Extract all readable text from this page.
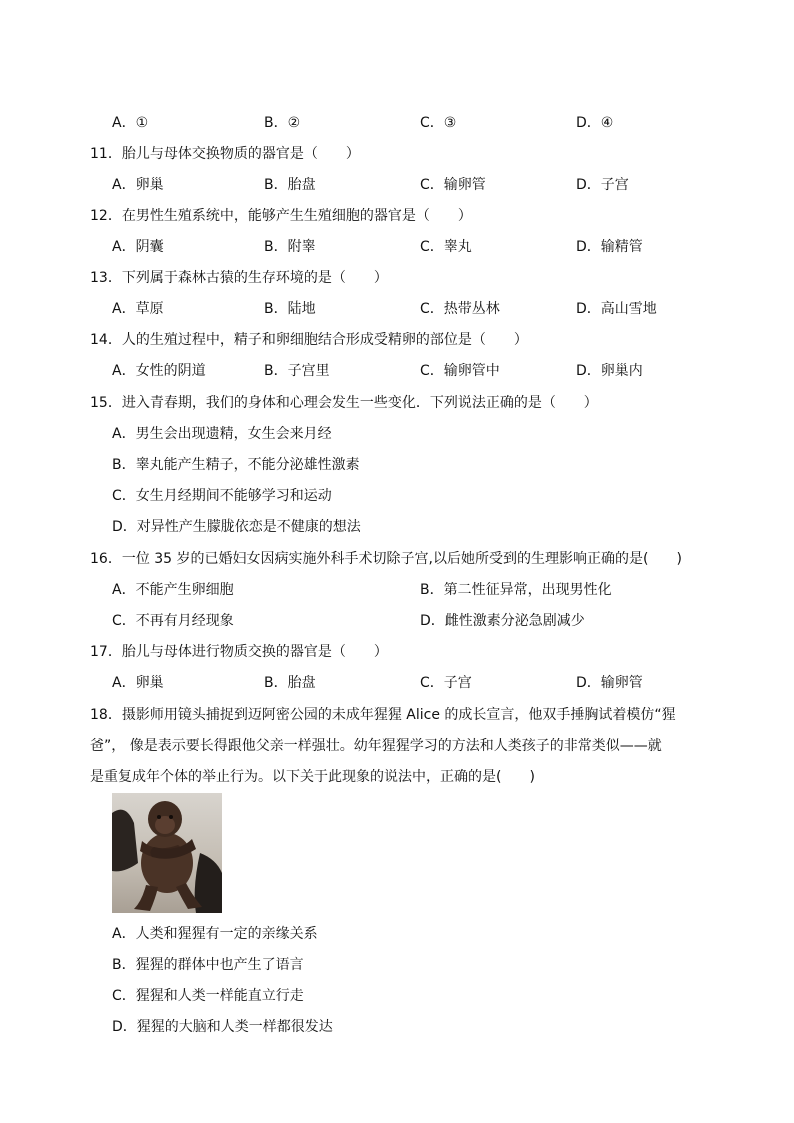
A．①	B．②	C．③	D．④
11．胎儿与母体交换物质的器官是（　　）
A．卵巢	B．胎盘	C．输卵管	D．子宫
12．在男性生殖系统中，能够产生生殖细胞的器官是（　　）
A．阴囊	B．附睾	C．睾丸	D．输精管
13．下列属于森林古猿的生存环境的是（　　）
A．草原	B．陆地	C．热带丛林	D．高山雪地
14．人的生殖过程中，精子和卵细胞结合形成受精卵的部位是（　　）
A．女性的阴道	B．子宫里	C．输卵管中	D．卵巢内
15．进入青春期，我们的身体和心理会发生一些变化．下列说法正确的是（　　）
A．男生会出现遗精，女生会来月经
B．睾丸能产生精子，不能分泌雄性激素
C．女生月经期间不能够学习和运动
D．对异性产生朦胧依恋是不健康的想法
16．一位 35 岁的已婚妇女因病实施外科手术切除子宫,以后她所受到的生理影响正确的是(　　)
A．不能产生卵细胞	B．第二性征异常，出现男性化
C．不再有月经现象	D．雌性激素分泌急剧减少
17．胎儿与母体进行物质交换的器官是（　　）
A．卵巢	B．胎盘	C．子宫	D．输卵管
18．摄影师用镜头捕捉到迈阿密公园的未成年猩猩 Alice 的成长宣言，他双手捶胸试着模仿“猩
爸”， 像是表示要长得跟他父亲一样强壮。幼年猩猩学习的方法和人类孩子的非常类似——就
是重复成年个体的举止行为。以下关于此现象的说法中，正确的是(　　)
A．人类和猩猩有一定的亲缘关系
B．猩猩的群体中也产生了语言
C．猩猩和人类一样能直立行走
D．猩猩的大脑和人类一样都很发达
